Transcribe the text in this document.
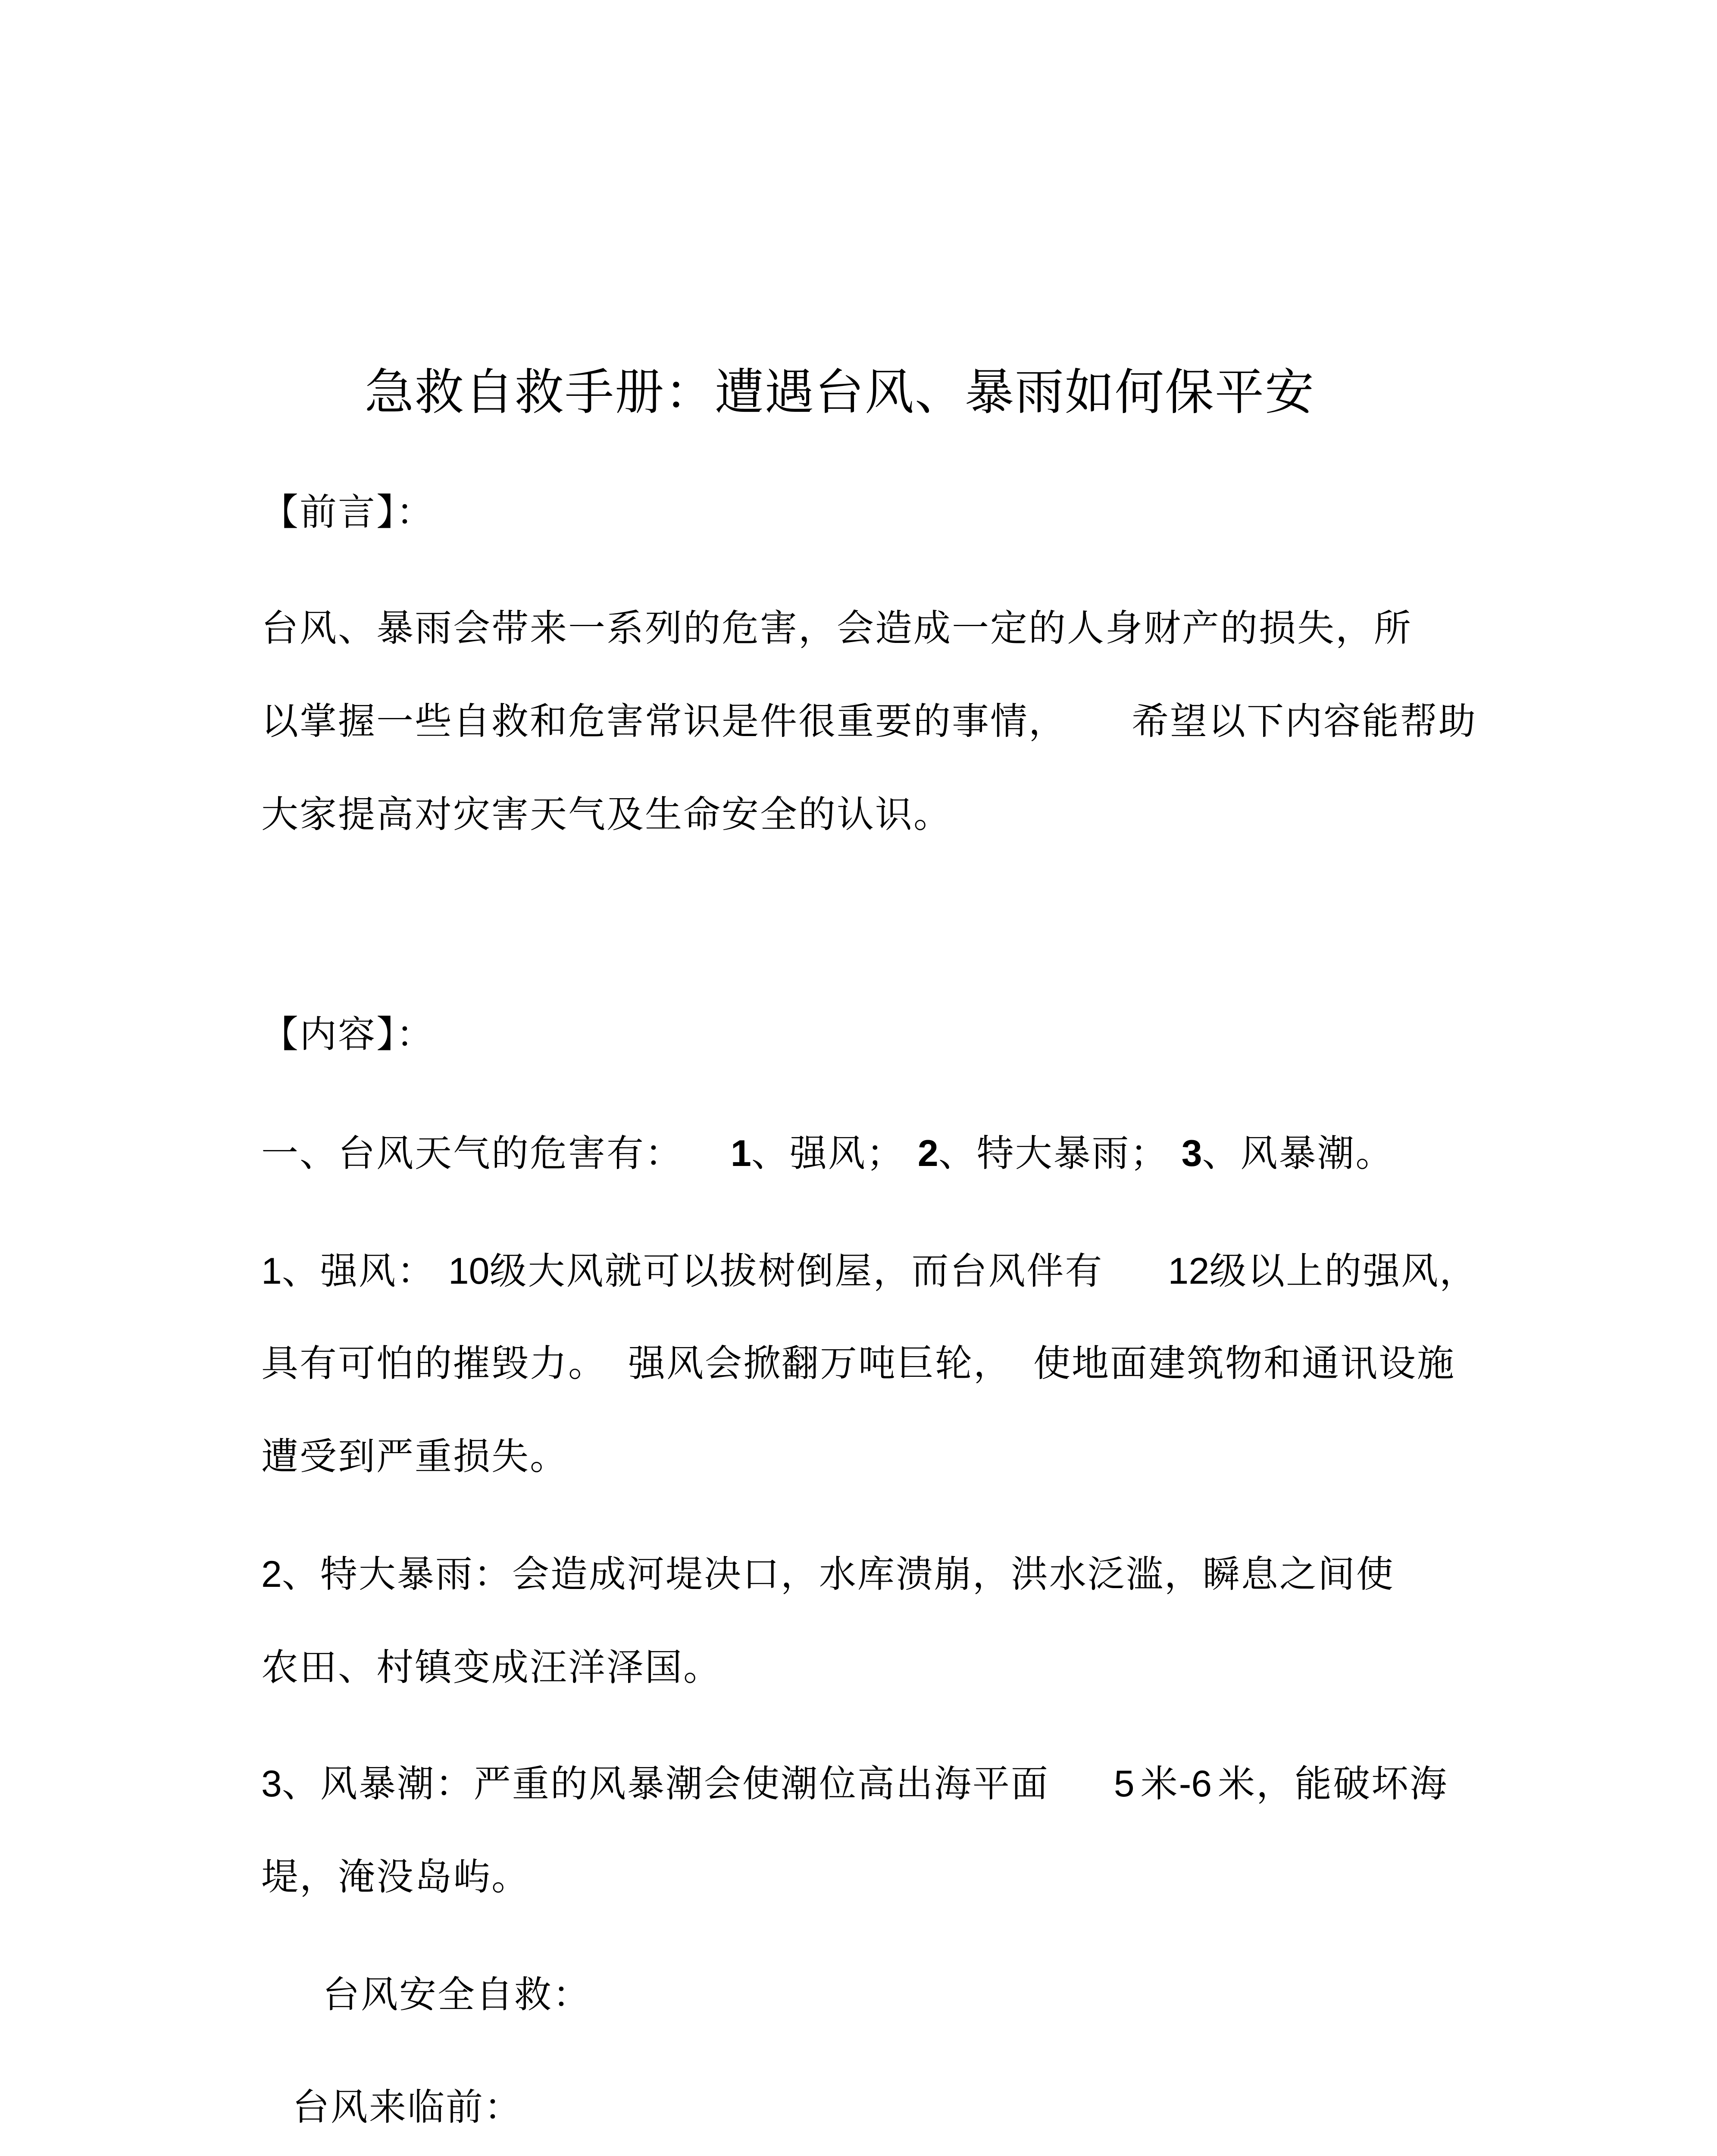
急救自救手册：遭遇台风、暴雨如何保平安
【前言】：
台风、暴雨会带来一系列的危害，会造成一定的人身财产的损失，所
以掌握一些自救和危害常识是件很重要的事情， 希望以下内容能帮助
大家提高对灾害天气及生命安全的认识。
【内容】：
一、台风天气的危害有： 1、强风； 2、特大暴雨； 3、风暴潮。
1、强风： 10级大风就可以拔树倒屋，而台风伴有 12级以上的强风，
具有可怕的摧毁力。 强风会掀翻万吨巨轮， 使地面建筑物和通讯设施
遭受到严重损失。
2、特大暴雨：会造成河堤决口，水库溃崩，洪水泛滥，瞬息之间使
农田、村镇变成汪洋泽国。
3、风暴潮：严重的风暴潮会使潮位高出海平面 5 米-6 米，能破坏海
堤，淹没岛屿。
台风安全自救：
台风来临前：
